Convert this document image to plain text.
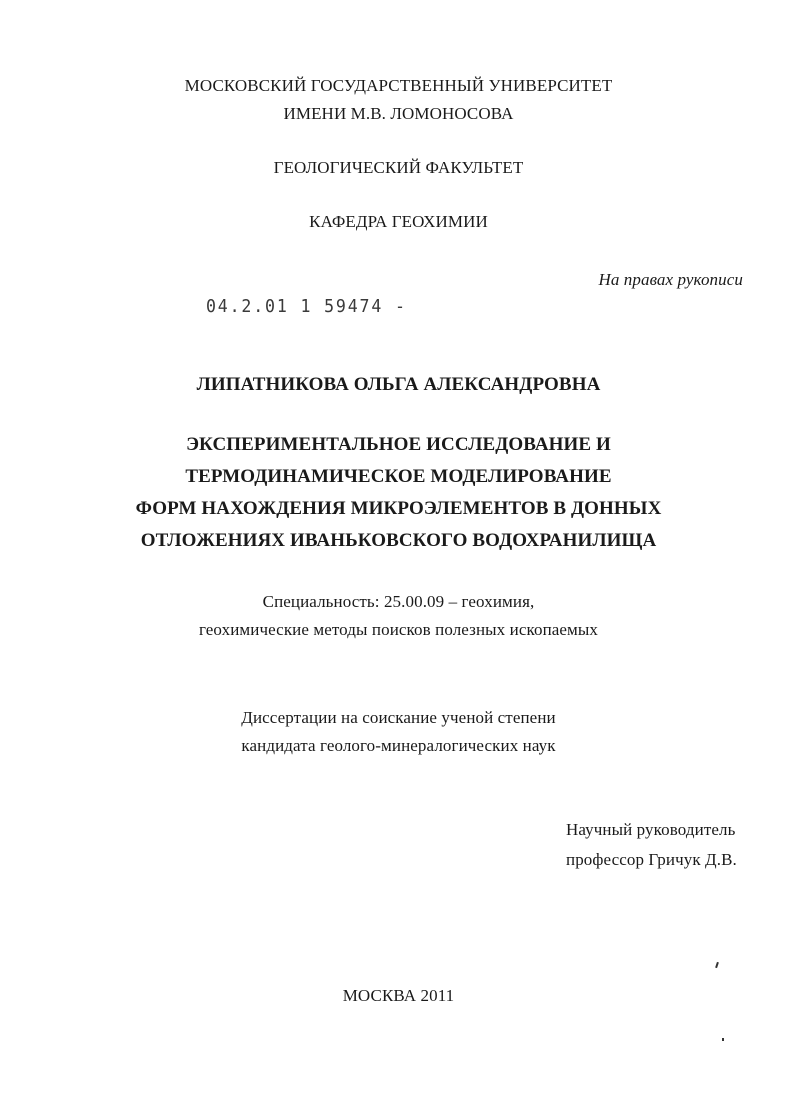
МОСКОВСКИЙ ГОСУДАРСТВЕННЫЙ УНИВЕРСИТЕТ
ИМЕНИ М.В. ЛОМОНОСОВА
ГЕОЛОГИЧЕСКИЙ ФАКУЛЬТЕТ
КАФЕДРА ГЕОХИМИИ
На правах рукописи
04.2.01 1 59474 -
ЛИПАТНИКОВА ОЛЬГА АЛЕКСАНДРОВНА
ЭКСПЕРИМЕНТАЛЬНОЕ ИССЛЕДОВАНИЕ И
ТЕРМОДИНАМИЧЕСКОЕ МОДЕЛИРОВАНИЕ
ФОРМ НАХОЖДЕНИЯ МИКРОЭЛЕМЕНТОВ В ДОННЫХ
ОТЛОЖЕНИЯХ ИВАНЬКОВСКОГО ВОДОХРАНИЛИЩА
Специальность: 25.00.09 – геохимия,
геохимические методы поисков полезных ископаемых
Диссертации на соискание ученой степени
кандидата геолого-минералогических наук
Научный руководитель
профессор Гричук Д.В.
МОСКВА 2011
